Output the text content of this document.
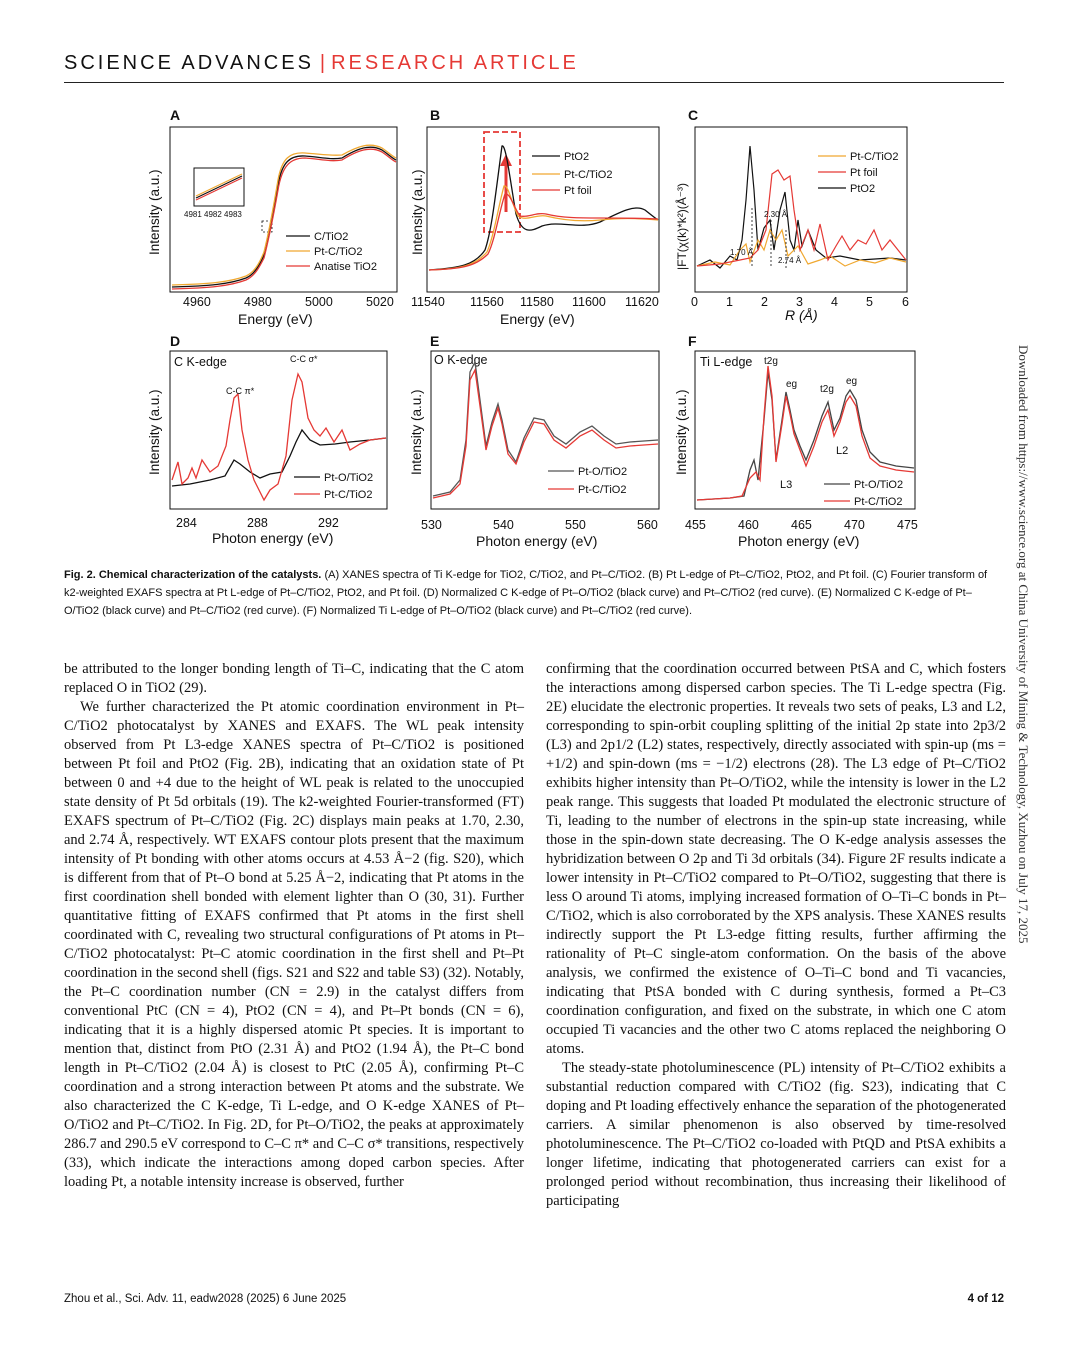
SCIENCE ADVANCES | RESEARCH ARTICLE
A
4981 4982 4983
C/TiO2
Pt-C/TiO2
Anatise TiO2
4960	4980	5000	5020
Energy (eV)
Intensity (a.u.)
B
PtO2
Pt-C/TiO2
Pt foil
11540 11560 11580 11600 11620
Energy (eV)
Intensity (a.u.)
C
1.70 Å
2.30 Å
2.74 Å
Pt-C/TiO2
Pt foil
PtO2
0 1 2 3 4 5 6
R (Å)
|FT(χ(k)*k²)(Å⁻³)
D
C K-edge
C-C π*
C-C σ*
Pt-O/TiO2
Pt-C/TiO2
284	288	292
Photon energy (eV)
Intensity (a.u.)
E
O K-edge
Pt-O/TiO2
Pt-C/TiO2
530	540	550	560
Photon energy (eV)
Intensity (a.u.)
F
Ti L-edge t2g
eg t2g
eg
L3
L2
Pt-O/TiO2
Pt-C/TiO2
455	460	465	470	475
Photon energy (eV)
Intensity (a.u.)
Fig. 2. Chemical characterization of the catalysts. (A) XANES spectra of Ti K-edge for TiO2, C/TiO2, and Pt–C/TiO2. (B) Pt L-edge of Pt–C/TiO2, PtO2, and Pt foil. (C) Fourier transform of k2-weighted EXAFS spectra at Pt L-edge of Pt–C/TiO2, PtO2, and Pt foil. (D) Normalized C K-edge of Pt–O/TiO2 (black curve) and Pt–C/TiO2 (red curve). (E) Normalized C K-edge of Pt–O/TiO2 (black curve) and Pt–C/TiO2 (red curve). (F) Normalized Ti L-edge of Pt–O/TiO2 (black curve) and Pt–C/TiO2 (red curve).

be attributed to the longer bonding length of Ti–C, indicating that the C atom replaced O in TiO2 (29).

We further characterized the Pt atomic coordination environment in Pt–C/TiO2 photocatalyst by XANES and EXAFS. The WL peak intensity observed from Pt L3-edge XANES spectra of Pt–C/TiO2 is positioned between Pt foil and PtO2 (Fig. 2B), indicating that an oxidation state of Pt between 0 and +4 due to the height of WL peak is related to the unoccupied state density of Pt 5d orbitals (19). The k2-weighted Fourier-transformed (FT) EXAFS spectrum of Pt–C/TiO2 (Fig. 2C) displays main peaks at 1.70, 2.30, and 2.74 Å, respectively. WT EXAFS contour plots present that the maximum intensity of Pt bonding with other atoms occurs at 4.53 Å−2 (fig. S20), which is different from that of Pt–O bond at 5.25 Å−2, indicating that Pt atoms in the first coordination shell bonded with element lighter than O (30, 31). Further quantitative fitting of EXAFS confirmed that Pt atoms in the first shell coordinated with C, revealing two structural configurations of Pt atoms in Pt–C/TiO2 photocatalyst: Pt–C atomic coordination in the first shell and Pt–Pt coordination in the second shell (figs. S21 and S22 and table S3) (32). Notably, the Pt–C coordination number (CN = 2.9) in the catalyst differs from conventional PtC (CN = 4), PtO2 (CN = 4), and Pt–Pt bonds (CN = 6), indicating that it is a highly dispersed atomic Pt species. It is important to mention that, distinct from PtO (2.31 Å) and PtO2 (1.94 Å), the Pt–C bond length in Pt–C/TiO2 (2.04 Å) is closest to PtC (2.05 Å), confirming Pt–C coordination and a strong interaction between Pt atoms and the substrate. We also characterized the C K-edge, Ti L-edge, and O K-edge XANES of Pt–O/TiO2 and Pt–C/TiO2. In Fig. 2D, for Pt–O/TiO2, the peaks at approximately 286.7 and 290.5 eV correspond to C–C π* and C–C σ* transitions, respectively (33), which indicate the interactions among doped carbon species. After loading Pt, a notable intensity increase is observed, further

confirming that the coordination occurred between PtSA and C, which fosters the interactions among dispersed carbon species. The Ti L-edge spectra (Fig. 2E) elucidate the electronic properties. It reveals two sets of peaks, L3 and L2, corresponding to spin-orbit coupling splitting of the initial 2p state into 2p3/2 (L3) and 2p1/2 (L2) states, respectively, directly associated with spin-up (ms = +1/2) and spin-down (ms = −1/2) electrons (28). The L3 edge of Pt–C/TiO2 exhibits higher intensity than Pt–O/TiO2, while the intensity is lower in the L2 peak range. This suggests that loaded Pt modulated the electronic structure of Ti, leading to the number of electrons in the spin-up state increasing, while those in the spin-down state decreasing. The O K-edge analysis assesses the hybridization between O 2p and Ti 3d orbitals (34). Figure 2F results indicate a lower intensity in Pt–C/TiO2 compared to Pt–O/TiO2, suggesting that there is less O around Ti atoms, implying increased formation of O–Ti–C bonds in Pt–C/TiO2, which is also corroborated by the XPS analysis. These XANES results indirectly support the Pt L3-edge fitting results, further affirming the rationality of Pt–C single-atom conformation. On the basis of the above analysis, we confirmed the existence of O–Ti–C bond and Ti vacancies, indicating that PtSA bonded with C during synthesis, formed a Pt–C3 coordination configuration, and fixed on the substrate, in which one C atom occupied Ti vacancies and the other two C atoms replaced the neighboring O atoms.

The steady-state photoluminescence (PL) intensity of Pt–C/TiO2 exhibits a substantial reduction compared with C/TiO2 (fig. S23), indicating that C doping and Pt loading effectively enhance the separation of the photogenerated carriers. A similar phenomenon is also observed by time-resolved photoluminescence. The Pt–C/TiO2 co-loaded with PtQD and PtSA exhibits a longer lifetime, indicating that photogenerated carriers can exist for a prolonged period without recombination, thus increasing their likelihood of participating

Downloaded from https://www.science.org at China University of Mining & Technology, Xuzhou on July 17, 2025
Zhou et al., Sci. Adv. 11, eadw2028 (2025) 6 June 2025	4 of 12
